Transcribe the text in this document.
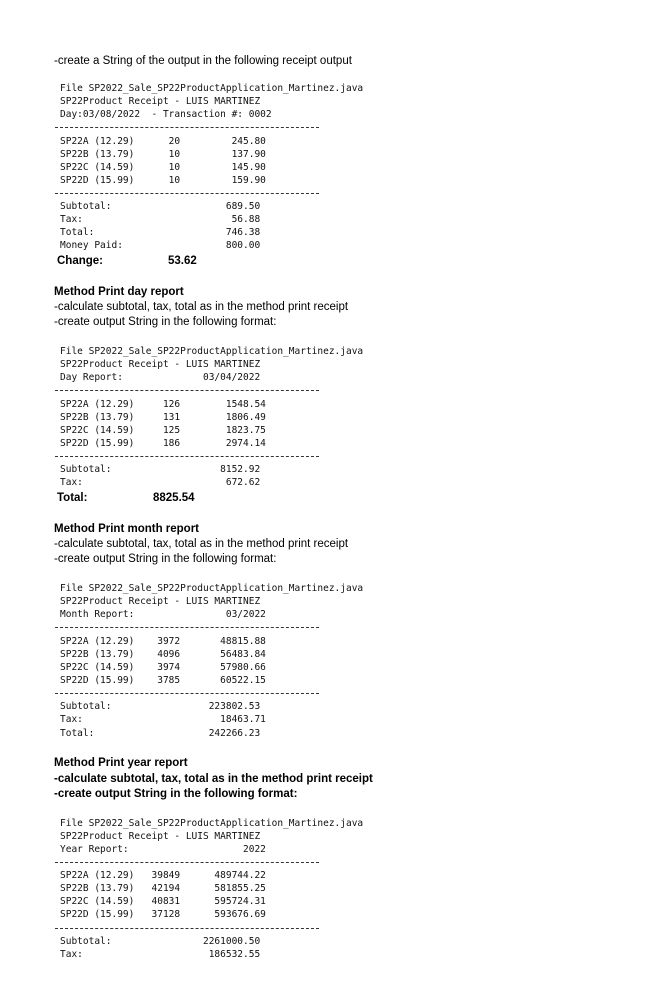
-create a String of the output in the following receipt output
File SP2022_Sale_SP22ProductApplication_Martinez.java
SP22Product Receipt - LUIS MARTINEZ
Day:03/08/2022  - Transaction #: 0002
SP22A (12.29)      20         245.80
SP22B (13.79)      10         137.90
SP22C (14.59)      10         145.90
SP22D (15.99)      10         159.90
Subtotal:                    689.50
Tax:                          56.88
Total:                       746.38
Money Paid:                  800.00
Change:	53.62
Method Print day report
-calculate subtotal, tax, total as in the method print receipt
-create output String in the following format:
File SP2022_Sale_SP22ProductApplication_Martinez.java
SP22Product Receipt - LUIS MARTINEZ
Day Report:              03/04/2022
SP22A (12.29)     126        1548.54
SP22B (13.79)     131        1806.49
SP22C (14.59)     125        1823.75
SP22D (15.99)     186        2974.14
Subtotal:                   8152.92
Tax:                         672.62
Total:	8825.54
Method Print month report
-calculate subtotal, tax, total as in the method print receipt
-create output String in the following format:
File SP2022_Sale_SP22ProductApplication_Martinez.java
SP22Product Receipt - LUIS MARTINEZ
Month Report:                03/2022
SP22A (12.29)    3972       48815.88
SP22B (13.79)    4096       56483.84
SP22C (14.59)    3974       57980.66
SP22D (15.99)    3785       60522.15
Subtotal:                 223802.53
Tax:                        18463.71
Total:                    242266.23
Method Print year report
-calculate subtotal, tax, total as in the method print receipt
-create output String in the following format:
File SP2022_Sale_SP22ProductApplication_Martinez.java
SP22Product Receipt - LUIS MARTINEZ
Year Report:                    2022
SP22A (12.29)   39849      489744.22
SP22B (13.79)   42194      581855.25
SP22C (14.59)   40831      595724.31
SP22D (15.99)   37128      593676.69
Subtotal:                2261000.50
Tax:                      186532.55
